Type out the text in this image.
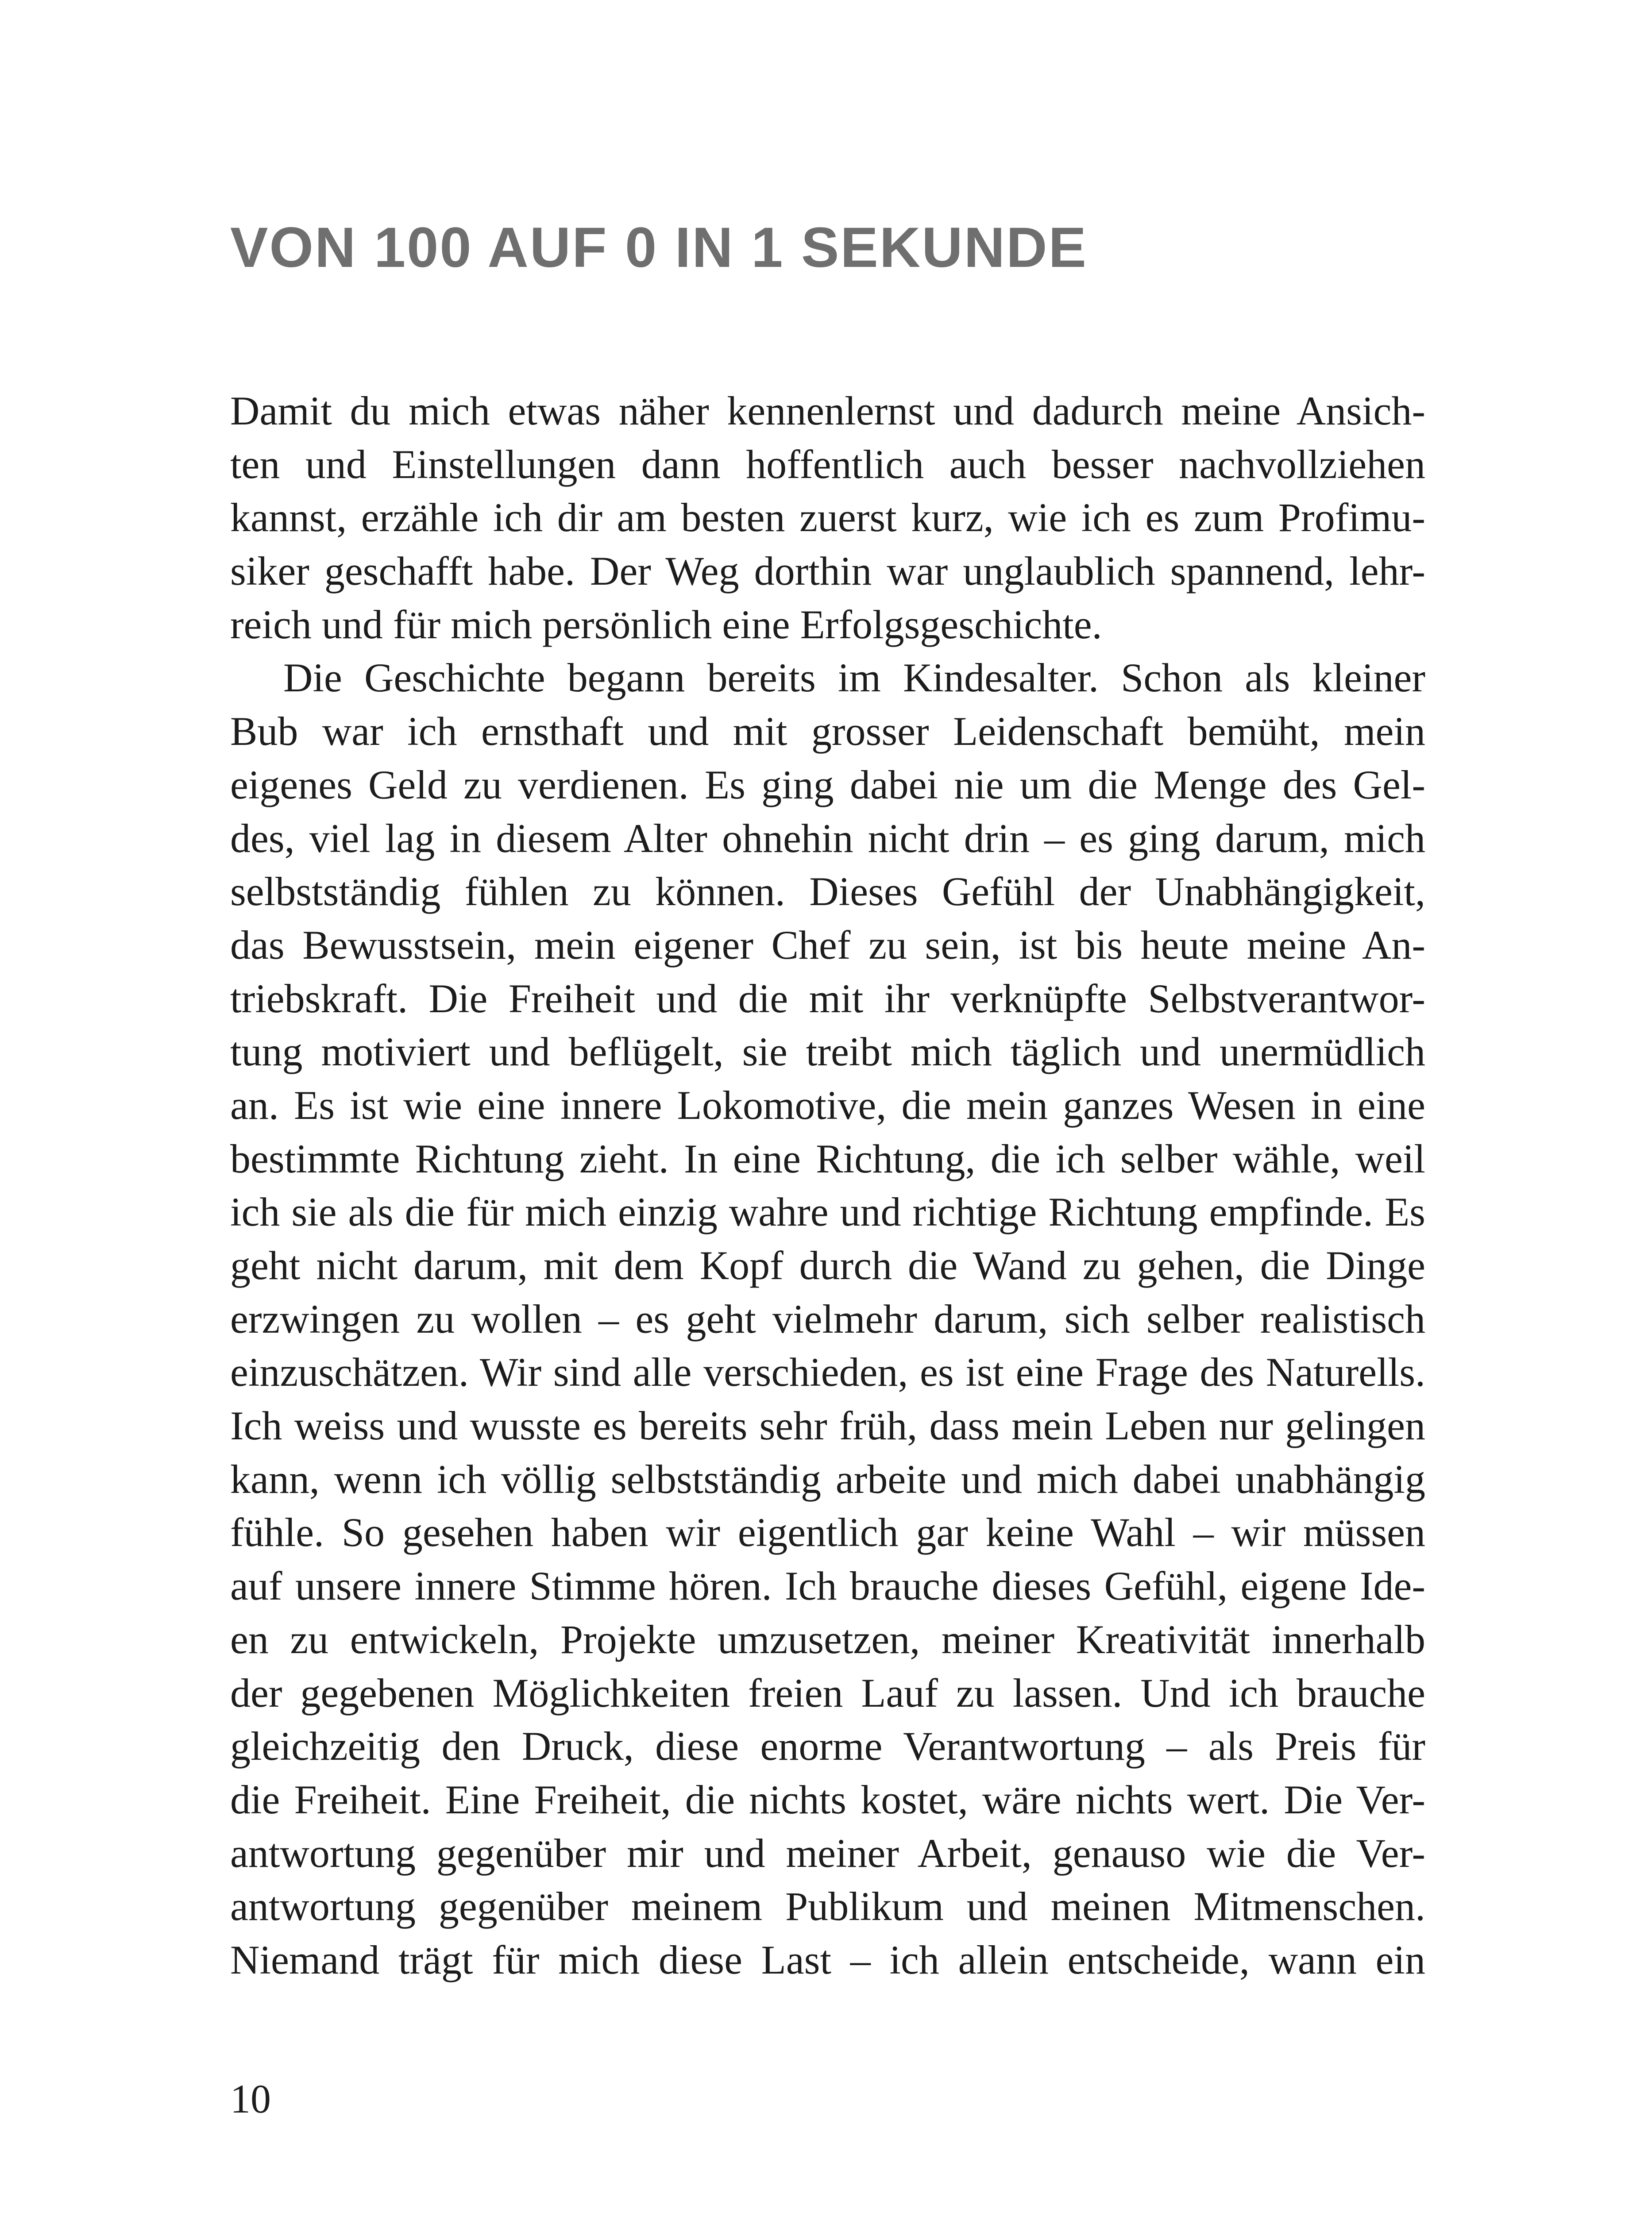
VON 100 AUF 0 IN 1 SEKUNDE
Damit du mich etwas näher kennenlernst und dadurch meine Ansich-
ten und Einstellungen dann hoffentlich auch besser nachvollziehen
kannst, erzähle ich dir am besten zuerst kurz, wie ich es zum Profimu-
siker geschafft habe. Der Weg dorthin war unglaublich spannend, lehr-
reich und für mich persönlich eine Erfolgsgeschichte.
Die Geschichte begann bereits im Kindesalter. Schon als kleiner
Bub war ich ernsthaft und mit grosser Leidenschaft bemüht, mein
eigenes Geld zu verdienen. Es ging dabei nie um die Menge des Gel-
des, viel lag in diesem Alter ohnehin nicht drin – es ging darum, mich
selbstständig fühlen zu können. Dieses Gefühl der Unabhängigkeit,
das Bewusstsein, mein eigener Chef zu sein, ist bis heute meine An-
triebskraft. Die Freiheit und die mit ihr verknüpfte Selbstverantwor-
tung motiviert und beflügelt, sie treibt mich täglich und unermüdlich
an. Es ist wie eine innere Lokomotive, die mein ganzes Wesen in eine
bestimmte Richtung zieht. In eine Richtung, die ich selber wähle, weil
ich sie als die für mich einzig wahre und richtige Richtung empfinde. Es
geht nicht darum, mit dem Kopf durch die Wand zu gehen, die Dinge
erzwingen zu wollen – es geht vielmehr darum, sich selber realistisch
einzuschätzen. Wir sind alle verschieden, es ist eine Frage des Naturells.
Ich weiss und wusste es bereits sehr früh, dass mein Leben nur gelingen
kann, wenn ich völlig selbstständig arbeite und mich dabei unabhängig
fühle. So gesehen haben wir eigentlich gar keine Wahl – wir müssen
auf unsere innere Stimme hören. Ich brauche dieses Gefühl, eigene Ide-
en zu entwickeln, Projekte umzusetzen, meiner Kreativität innerhalb
der gegebenen Möglichkeiten freien Lauf zu lassen. Und ich brauche
gleichzeitig den Druck, diese enorme Verantwortung – als Preis für
die Freiheit. Eine Freiheit, die nichts kostet, wäre nichts wert. Die Ver-
antwortung gegenüber mir und meiner Arbeit, genauso wie die Ver-
antwortung gegenüber meinem Publikum und meinen Mitmenschen.
Niemand trägt für mich diese Last – ich allein entscheide, wann ein
10
